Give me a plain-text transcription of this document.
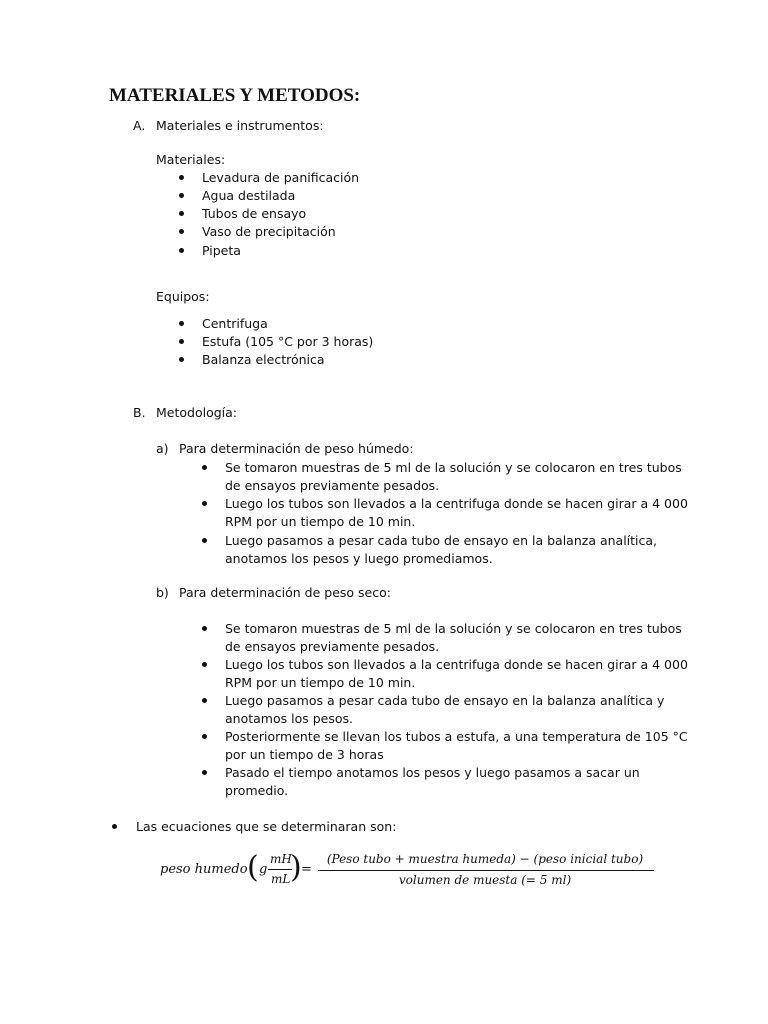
MATERIALES Y METODOS:
A. Materiales e instrumentos:
Materiales:
Levadura de panificación
Agua destilada
Tubos de ensayo
Vaso de precipitación
Pipeta
Equipos:
Centrifuga
Estufa (105 °C por 3 horas)
Balanza electrónica
B. Metodología:
a) Para determinación de peso húmedo:
Se tomaron muestras de 5 ml de la solución y se colocaron en tres tubos
de ensayos previamente pesados.
Luego los tubos son llevados a la centrifuga donde se hacen girar a 4 000
RPM por un tiempo de 10 min.
Luego pasamos a pesar cada tubo de ensayo en la balanza analítica,
anotamos los pesos y luego promediamos.
b) Para determinación de peso seco:
Se tomaron muestras de 5 ml de la solución y se colocaron en tres tubos
de ensayos previamente pesados.
Luego los tubos son llevados a la centrifuga donde se hacen girar a 4 000
RPM por un tiempo de 10 min.
Luego pasamos a pesar cada tubo de ensayo en la balanza analítica y
anotamos los pesos.
Posteriormente se llevan los tubos a estufa, a una temperatura de 105 °C
por un tiempo de 3 horas
Pasado el tiempo anotamos los pesos y luego pasamos a sacar un
promedio.
Las ecuaciones que se determinaran son:
peso humedo ( g
mH
mL ) =
(Peso tubo + muestra humeda) − (peso inicial tubo)
volumen de muesta (= 5 ml)
